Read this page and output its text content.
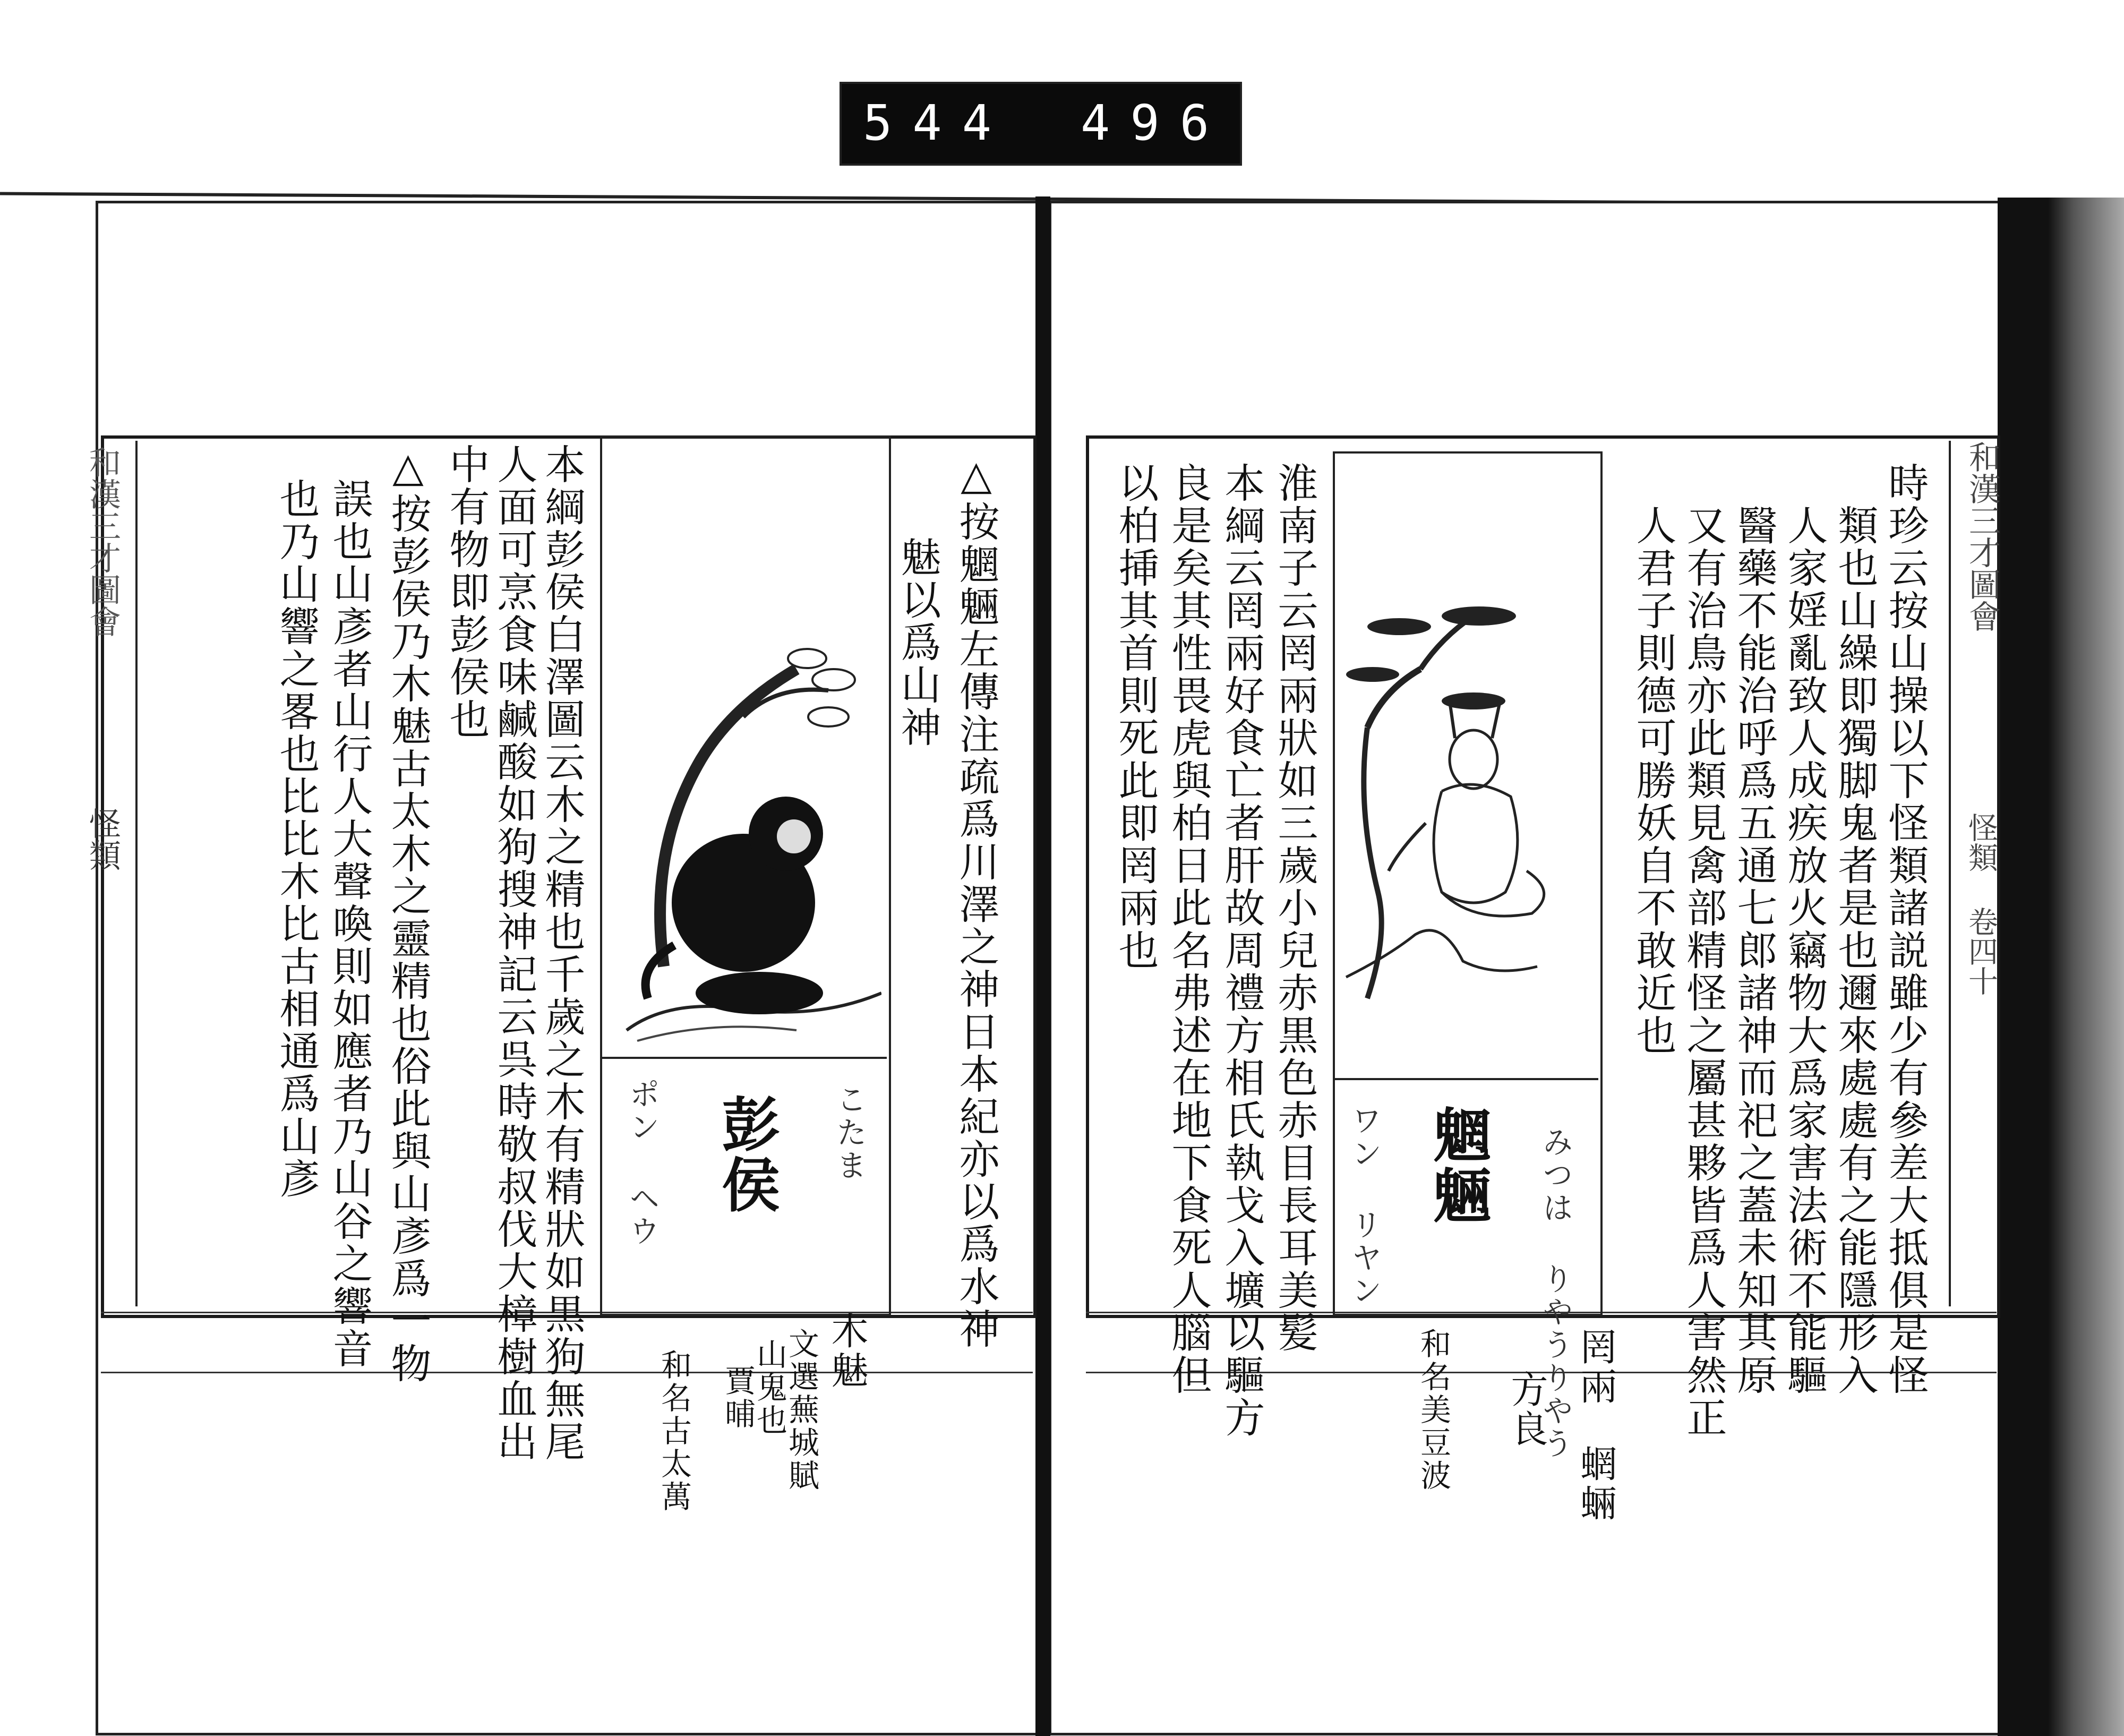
544 496
和漢三才圖會
怪類	△按魍魎左傳注疏爲川澤之神日本紀亦以爲水神
魅以爲山神
彭侯 こたま
ポン ヘウ
木魅
文選蕪城賦
山鬼也
賈晡
和名古太萬
本綱彭侯白澤圖云木之精也千歲之木有精狀如黒狗無尾
人面可烹食味鹹酸如狗搜神記云呉時敬叔伐大樟樹血出
中有物即彭侯也
△按彭侯乃木魅古太木之靈精也俗此與山彥爲一物
誤也山彥者山行人大聲喚則如應者乃山谷之響音
也乃山響之畧也比比木比古相通爲山彥	和漢三才圖會
怪類 卷四十
時珍云按山操以下怪類諸説雖少有參差大抵俱是怪
類也山繰即獨脚鬼者是也邇來處處有之能隱形入
人家婬亂致人成疾放火竊物大爲家害法術不能驅
醫藥不能治呼爲五通七郎諸神而祀之蓋未知其原
又有治鳥亦此類見禽部精怪之屬甚夥皆爲人害然正
人君子則德可勝妖自不敢近也
魍魎 みつは りやうりやう
ワン リヤン
罔兩
蝄蜽
方良
和名美豆波
淮南子云罔兩狀如三歲小兒赤黒色赤目長耳美髪
本綱云罔兩好食亡者肝故周禮方相氏執戈入壙以驅方
良是矣其性畏虎與柏日此名弗述在地下食死人腦但
以柏挿其首則死此即罔兩也
